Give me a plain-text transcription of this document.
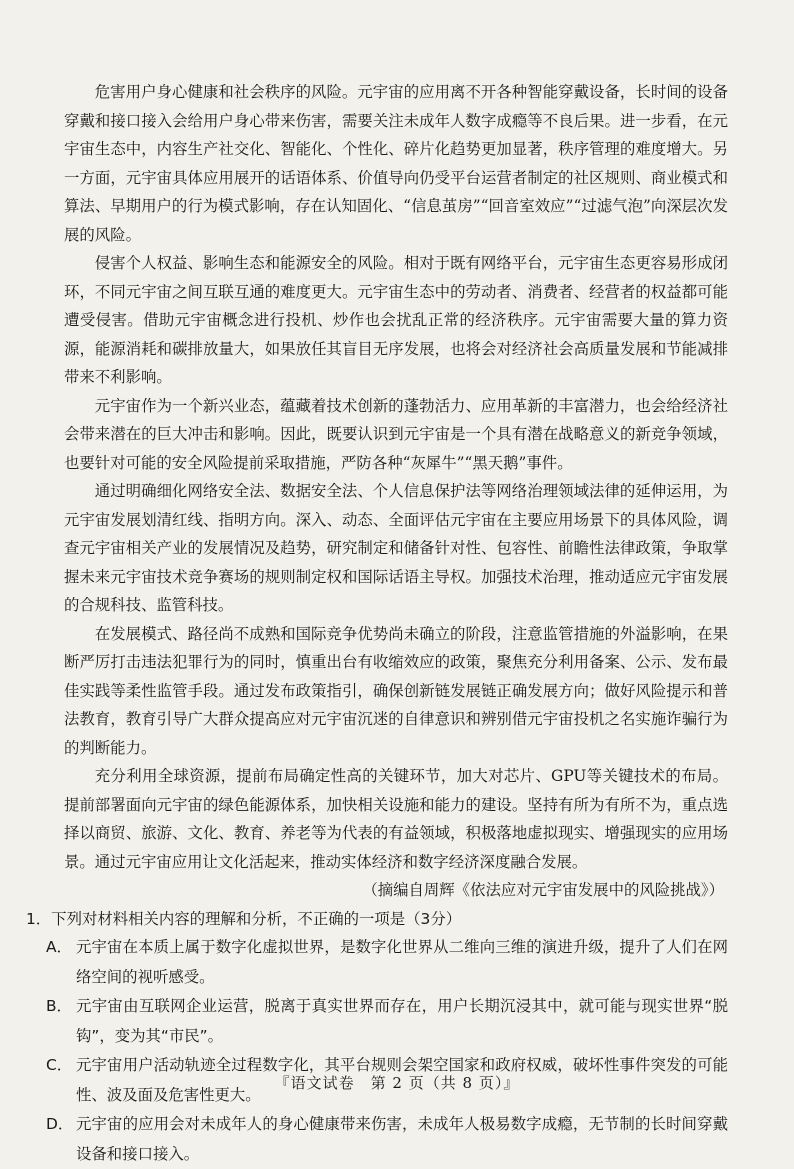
危害用户身心健康和社会秩序的风险。元宇宙的应用离不开各种智能穿戴设备，长时间的设备穿戴和接口接入会给用户身心带来伤害，需要关注未成年人数字成瘾等不良后果。进一步看，在元宇宙生态中，内容生产社交化、智能化、个性化、碎片化趋势更加显著，秩序管理的难度增大。另一方面，元宇宙具体应用展开的话语体系、价值导向仍受平台运营者制定的社区规则、商业模式和算法、早期用户的行为模式影响，存在认知固化、“信息茧房”“回音室效应”“过滤气泡”向深层次发展的风险。

侵害个人权益、影响生态和能源安全的风险。相对于既有网络平台，元宇宙生态更容易形成闭环，不同元宇宙之间互联互通的难度更大。元宇宙生态中的劳动者、消费者、经营者的权益都可能遭受侵害。借助元宇宙概念进行投机、炒作也会扰乱正常的经济秩序。元宇宙需要大量的算力资源，能源消耗和碳排放量大，如果放任其盲目无序发展，也将会对经济社会高质量发展和节能减排带来不利影响。

元宇宙作为一个新兴业态，蕴藏着技术创新的蓬勃活力、应用革新的丰富潜力，也会给经济社会带来潜在的巨大冲击和影响。因此，既要认识到元宇宙是一个具有潜在战略意义的新竞争领域，也要针对可能的安全风险提前采取措施，严防各种“灰犀牛”“黑天鹅”事件。

通过明确细化网络安全法、数据安全法、个人信息保护法等网络治理领域法律的延伸运用，为元宇宙发展划清红线、指明方向。深入、动态、全面评估元宇宙在主要应用场景下的具体风险，调查元宇宙相关产业的发展情况及趋势，研究制定和储备针对性、包容性、前瞻性法律政策，争取掌握未来元宇宙技术竞争赛场的规则制定权和国际话语主导权。加强技术治理，推动适应元宇宙发展的合规科技、监管科技。

在发展模式、路径尚不成熟和国际竞争优势尚未确立的阶段，注意监管措施的外溢影响，在果断严厉打击违法犯罪行为的同时，慎重出台有收缩效应的政策，聚焦充分利用备案、公示、发布最佳实践等柔性监管手段。通过发布政策指引，确保创新链发展链正确发展方向；做好风险提示和普法教育，教育引导广大群众提高应对元宇宙沉迷的自律意识和辨别借元宇宙投机之名实施诈骗行为的判断能力。

充分利用全球资源，提前布局确定性高的关键环节，加大对芯片、GPU等关键技术的布局。提前部署面向元宇宙的绿色能源体系，加快相关设施和能力的建设。坚持有所为有所不为，重点选择以商贸、旅游、文化、教育、养老等为代表的有益领域，积极落地虚拟现实、增强现实的应用场景。通过元宇宙应用让文化活起来，推动实体经济和数字经济深度融合发展。

（摘编自周辉《依法应对元宇宙发展中的风险挑战》）

1．下列对材料相关内容的理解和分析，不正确的一项是（3分）

A． 元宇宙在本质上属于数字化虚拟世界，是数字化世界从二维向三维的演进升级，提升了人们在网络空间的视听感受。
B． 元宇宙由互联网企业运营，脱离于真实世界而存在，用户长期沉浸其中，就可能与现实世界“脱钩”，变为其“市民”。
C． 元宇宙用户活动轨迹全过程数字化，其平台规则会架空国家和政府权威，破坏性事件突发的可能性、波及面及危害性更大。
D． 元宇宙的应用会对未成年人的身心健康带来伤害，未成年人极易数字成瘾，无节制的长时间穿戴设备和接口接入。
『语文试卷　第 2 页（共 8 页）』
